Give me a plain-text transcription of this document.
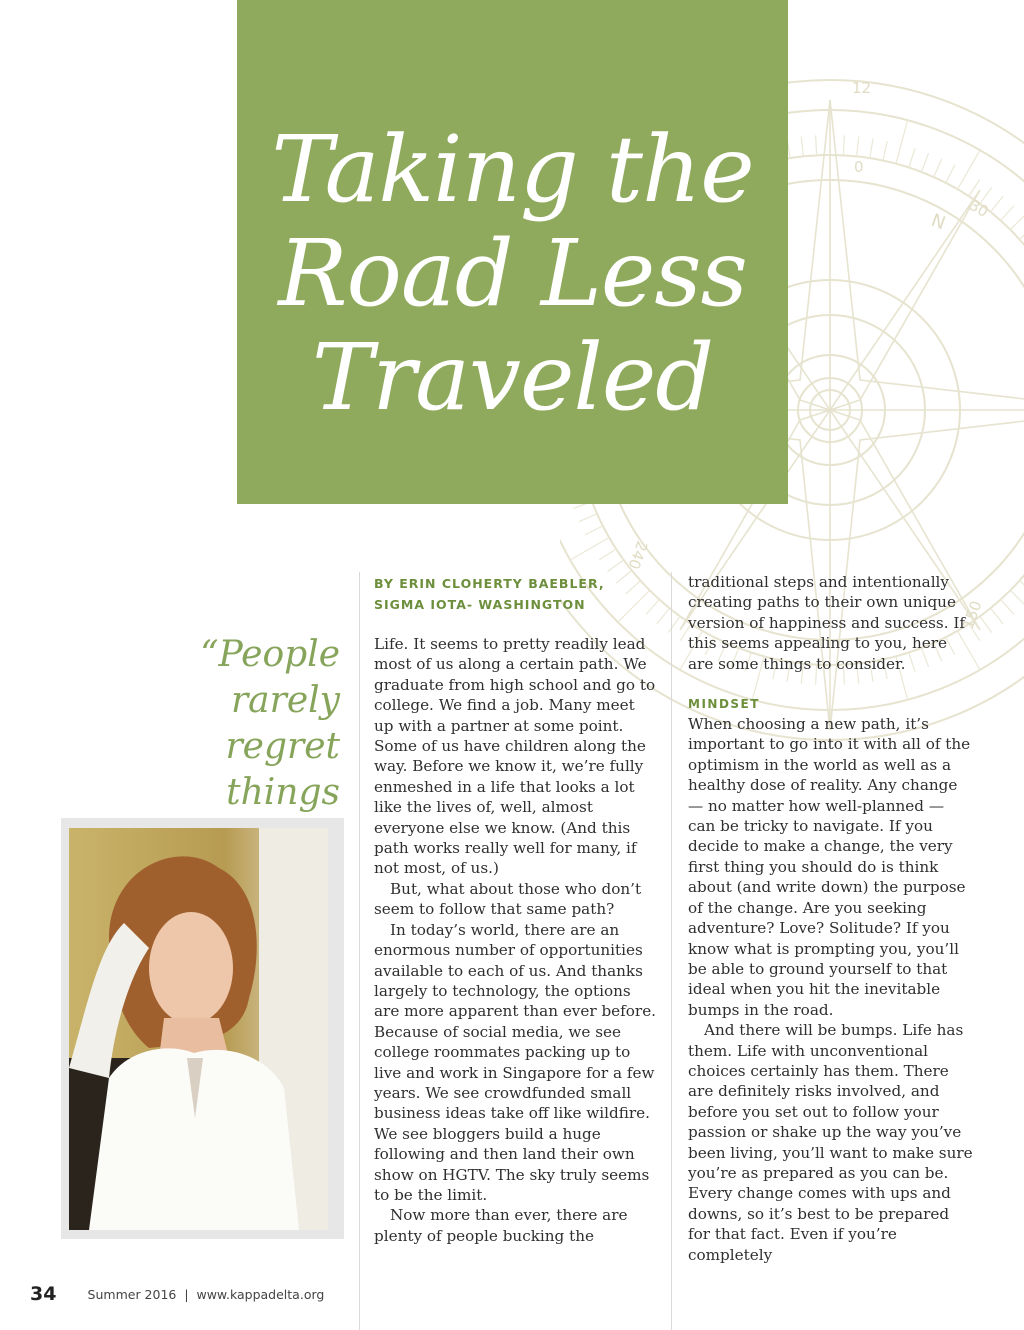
12
30
N
150
240
0
Taking the
Road Less
Traveled
“People rarely
regret things
BY ERIN CLOHERTY BAEBLER, SIGMA IOTA- WASHINGTON

Life. It seems to pretty readily lead most of us along a certain path. We graduate from high school and go to college. We find a job. Many meet up with a partner at some point. Some of us have children along the way. Before we know it, we’re fully enmeshed in a life that looks a lot like the lives of, well, almost everyone else we know. (And this path works really well for many, if not most, of us.)

But, what about those who don’t seem to follow that same path?

In today’s world, there are an enormous number of opportunities available to each of us. And thanks largely to technology, the options are more apparent than ever before. Because of social media, we see college roommates packing up to live and work in Singapore for a few years. We see crowdfunded small business ideas take off like wildfire. We see bloggers build a huge following and then land their own show on HGTV. The sky truly seems to be the limit.

Now more than ever, there are plenty of people bucking the

traditional steps and intentionally creating paths to their own unique version of happiness and success. If this seems appealing to you, here are some things to consider.

MINDSET

When choosing a new path, it’s important to go into it with all of the optimism in the world as well as a healthy dose of reality. Any change — no matter how well-planned — can be tricky to navigate. If you decide to make a change, the very first thing you should do is think about (and write down) the purpose of the change. Are you seeking adventure? Love? Solitude? If you know what is prompting you, you’ll be able to ground yourself to that ideal when you hit the inevitable bumps in the road.

And there will be bumps. Life has them. Life with unconventional choices certainly has them. There are definitely risks involved, and before you set out to follow your passion or shake up the way you’ve been living, you’ll want to make sure you’re as prepared as you can be. Every change comes with ups and downs, so it’s best to be prepared for that fact. Even if you’re completely

34 Summer 2016  |  www.kappadelta.org
